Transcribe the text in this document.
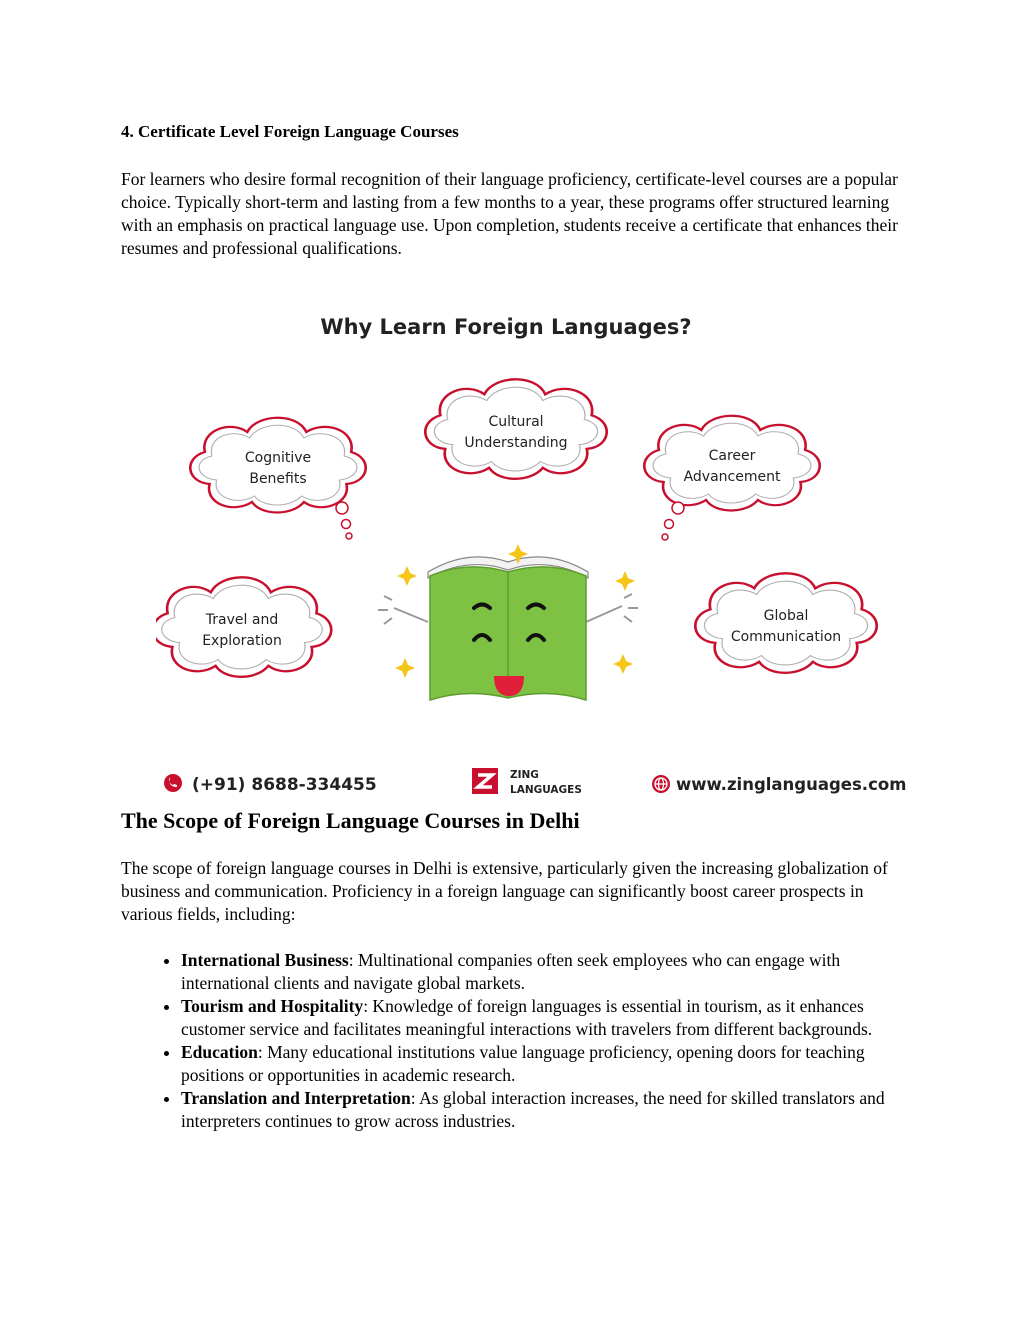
4. Certificate Level Foreign Language Courses

For learners who desire formal recognition of their language proficiency, certificate-level courses are a popular choice. Typically short-term and lasting from a few months to a year, these programs offer structured learning with an emphasis on practical language use. Upon completion, students receive a certificate that enhances their resumes and professional qualifications.

The Scope of Foreign Language Courses in Delhi

The scope of foreign language courses in Delhi is extensive, particularly given the increasing globalization of business and communication. Proficiency in a foreign language can significantly boost career prospects in various fields, including:

• International Business: Multinational companies often seek employees who can engage with international clients and navigate global markets.
• Tourism and Hospitality: Knowledge of foreign languages is essential in tourism, as it enhances customer service and facilitates meaningful interactions with travelers from different backgrounds.
• Education: Many educational institutions value language proficiency, opening doors for teaching positions or opportunities in academic research.
• Translation and Interpretation: As global interaction increases, the need for skilled translators and interpreters continues to grow across industries.
Why Learn Foreign Languages?
Cultural
Understanding
Cognitive
Benefits
Career
Advancement
Travel and
Exploration
Global
Communication
(+91) 8688-334455	ZING
LANGUAGES	www.zinglanguages.com
